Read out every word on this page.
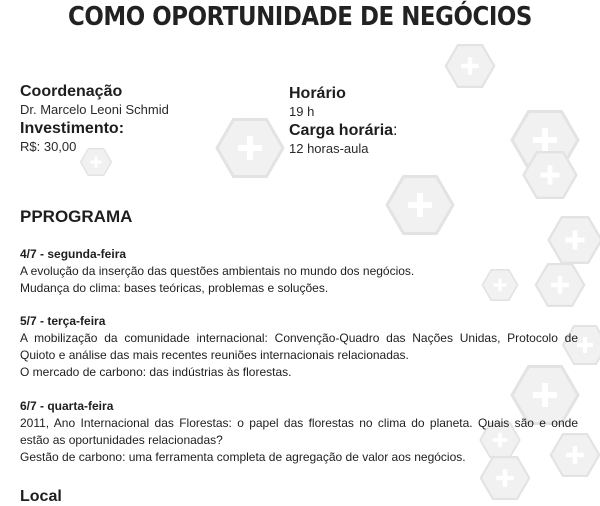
COMO OPORTUNIDADE DE NEGÓCIOS

Coordenação

Dr. Marcelo Leoni Schmid

Investimento:

R$: 30,00

Horário

19 h

Carga horária:

12 horas-aula

PPROGRAMA

4/7 - segunda-feira

A evolução da inserção das questões ambientais no mundo dos negócios.

Mudança do clima: bases teóricas, problemas e soluções.

5/7 - terça-feira

A mobilização da comunidade internacional: Convenção-Quadro das Nações Unidas, Protocolo de Quioto e análise das mais recentes reuniões internacionais relacionadas.

O mercado de carbono: das indústrias às florestas.

6/7 - quarta-feira

2011, Ano Internacional das Florestas: o papel das florestas no clima do planeta. Quais são e onde estão as oportunidades relacionadas?

Gestão de carbono: uma ferramenta completa de agregação de valor aos negócios.

Local
